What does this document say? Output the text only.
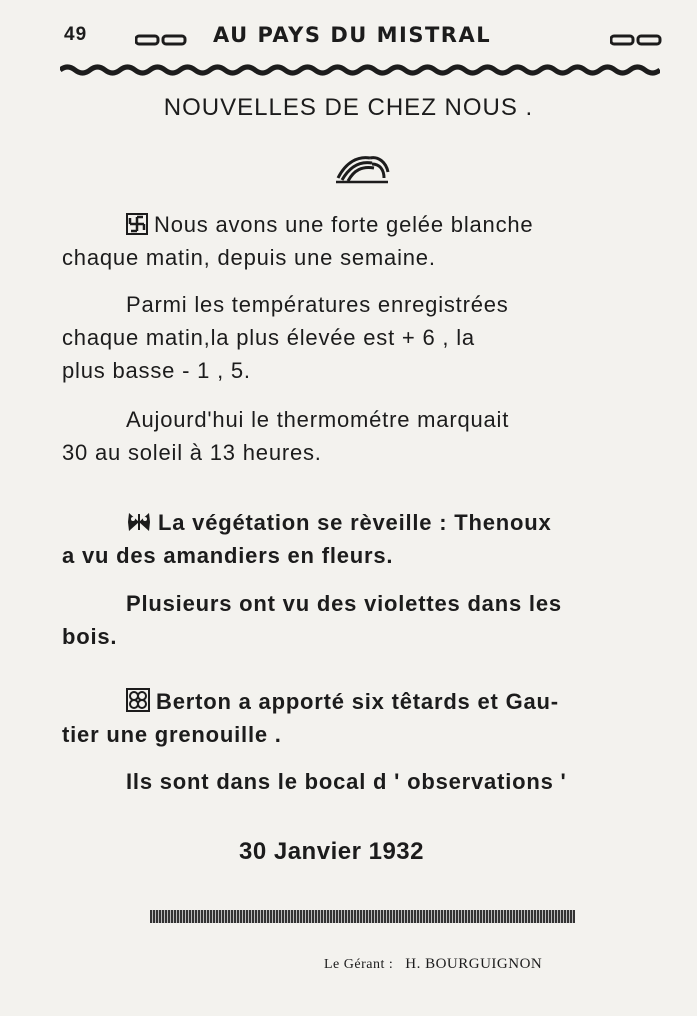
49	AU PAYS DU MISTRAL
NOUVELLES DE CHEZ NOUS .
Nous avons une forte gelée blanche
chaque matin, depuis une semaine.
Parmi les températures enregistrées
chaque matin,la plus élevée est + 6 , la
plus basse - 1 , 5.
Aujourd'hui le thermométre marquait
30 au soleil à 13 heures.
La végétation se rèveille : Thenoux
a vu des amandiers en fleurs.
Plusieurs ont vu des violettes dans les
bois.
Berton a apporté six têtards et Gau-
tier une grenouille .
Ils sont dans le bocal d ' observations '
30 Janvier 1932
Le Gérant : H. BOURGUIGNON
